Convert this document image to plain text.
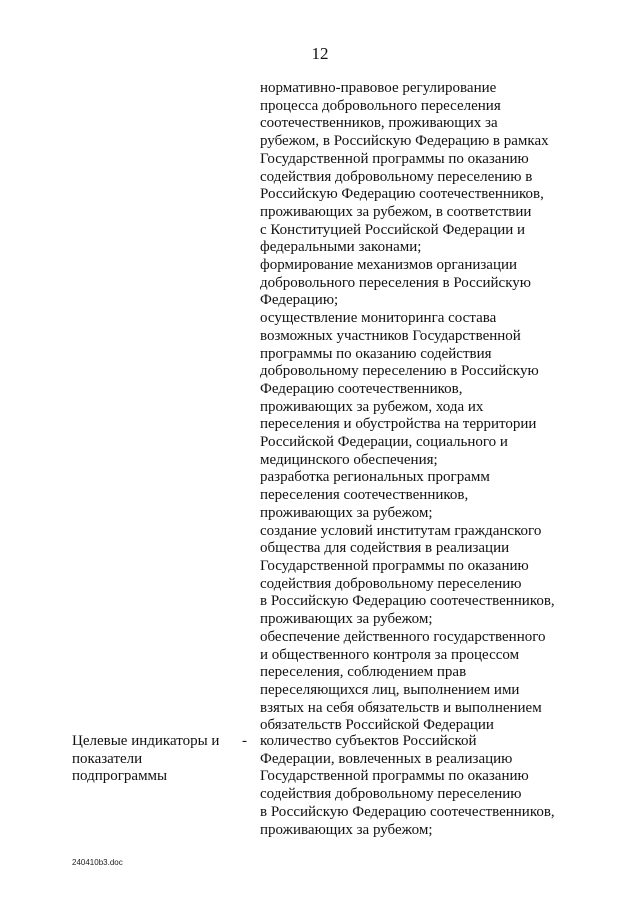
12
нормативно-правовое регулирование
процесса добровольного переселения
соотечественников, проживающих за
рубежом, в Российскую Федерацию в рамках
Государственной программы по оказанию
содействия добровольному переселению в
Российскую Федерацию соотечественников,
проживающих за рубежом, в соответствии
с Конституцией Российской Федерации и
федеральными законами;
формирование механизмов организации
добровольного переселения в Российскую
Федерацию;
осуществление мониторинга состава
возможных участников Государственной
программы по оказанию содействия
добровольному переселению в Российскую
Федерацию соотечественников,
проживающих за рубежом, хода их
переселения и обустройства на территории
Российской Федерации, социального и
медицинского обеспечения;
разработка региональных программ
переселения соотечественников,
проживающих за рубежом;
создание условий институтам гражданского
общества для содействия в реализации
Государственной программы по оказанию
содействия добровольному переселению
в Российскую Федерацию соотечественников,
проживающих за рубежом;
обеспечение действенного государственного
и общественного контроля за процессом
переселения, соблюдением прав
переселяющихся лиц, выполнением ими
взятых на себя обязательств и выполнением
обязательств Российской Федерации
Целевые индикаторы и
показатели
подпрограммы
- количество субъектов Российской
Федерации, вовлеченных в реализацию
Государственной программы по оказанию
содействия добровольному переселению
в Российскую Федерацию соотечественников,
проживающих за рубежом;
240410b3.doc
